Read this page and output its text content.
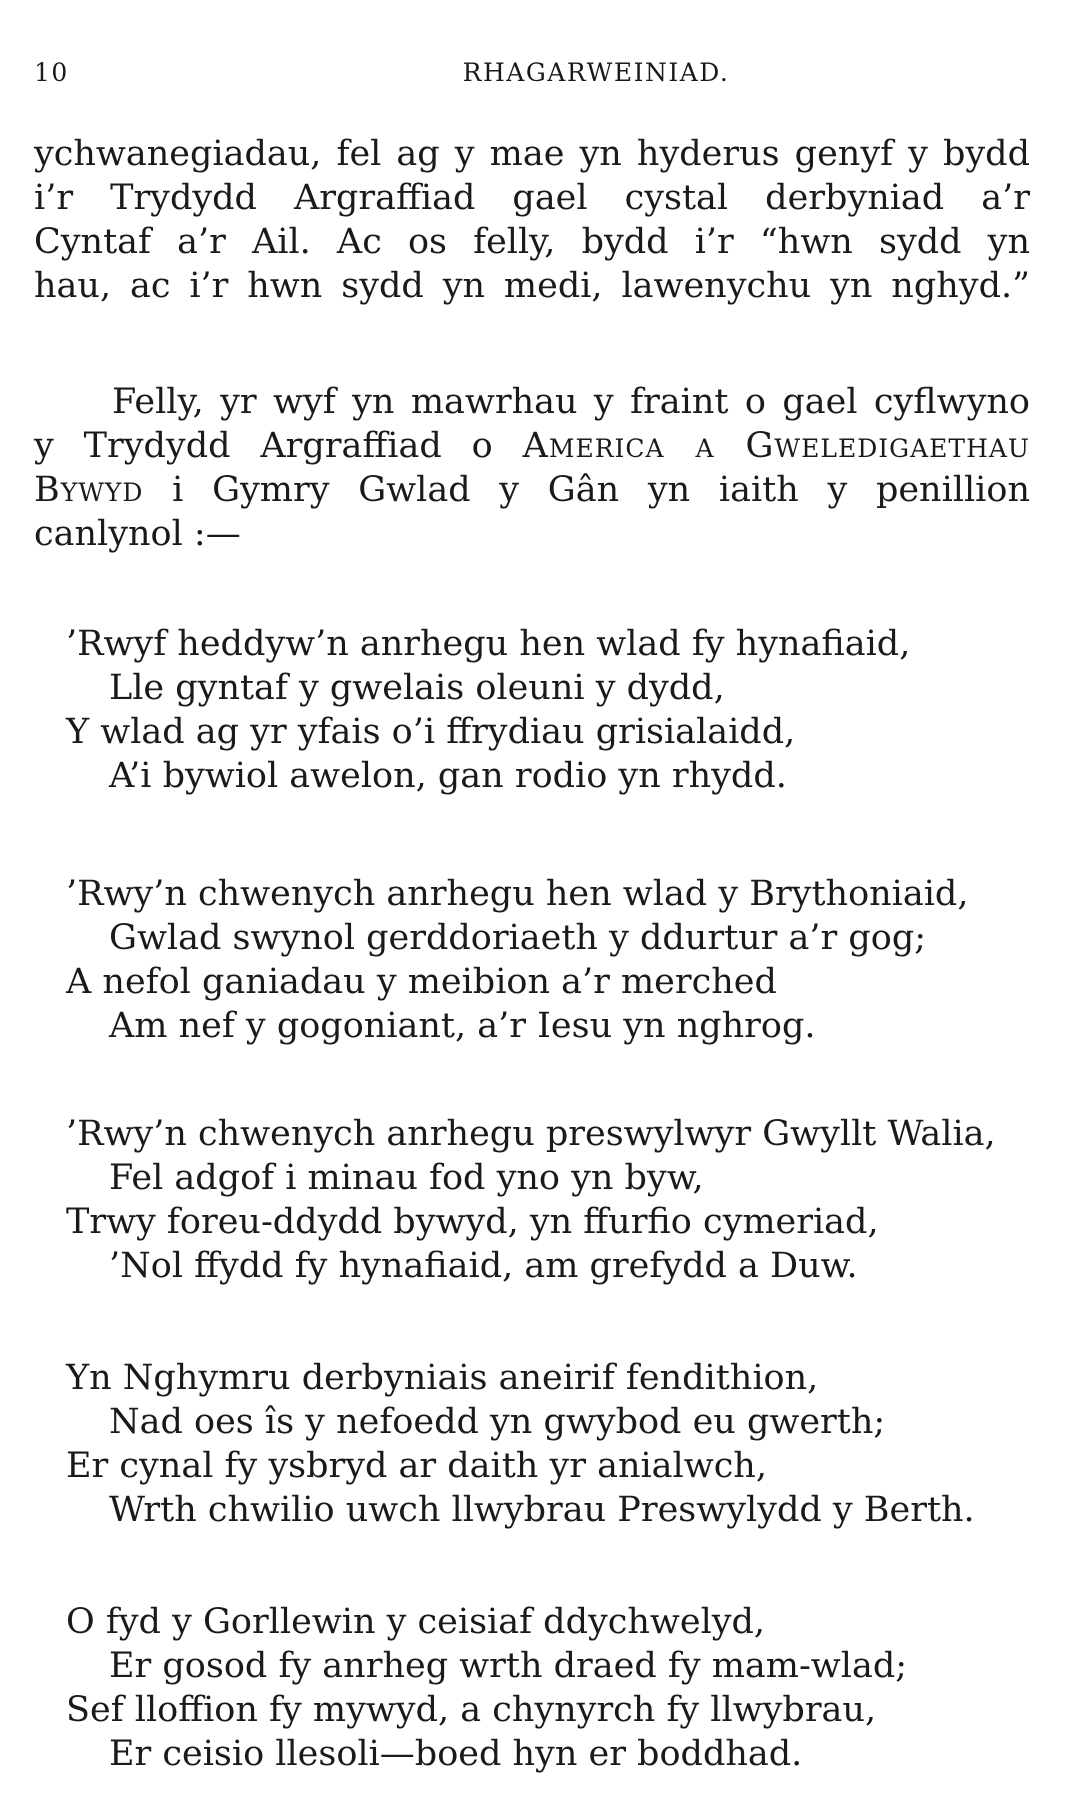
10	RHAGARWEINIAD.
ychwanegiadau, fel ag y mae yn hyderus genyf y bydd
i’r Trydydd Argraffiad gael cystal derbyniad a’r
Cyntaf a’r Ail. Ac os felly, bydd i’r “hwn sydd yn
hau, ac i’r hwn sydd yn medi, lawenychu yn nghyd.”
Felly, yr wyf yn mawrhau y fraint o gael cyflwyno
y Trydydd Argraffiad o America a Gweledigaethau
Bywyd i Gymry Gwlad y Gân yn iaith y penillion
canlynol :—
’Rwyf heddyw’n anrhegu hen wlad fy hynafiaid,
Lle gyntaf y gwelais oleuni y dydd,
Y wlad ag yr yfais o’i ffrydiau grisialaidd,
A’i bywiol awelon, gan rodio yn rhydd.
’Rwy’n chwenych anrhegu hen wlad y Brythoniaid,
Gwlad swynol gerddoriaeth y ddurtur a’r gog;
A nefol ganiadau y meibion a’r merched
Am nef y gogoniant, a’r Iesu yn nghrog.
’Rwy’n chwenych anrhegu preswylwyr Gwyllt Walia,
Fel adgof i minau fod yno yn byw,
Trwy foreu-ddydd bywyd, yn ffurfio cymeriad,
’Nol ffydd fy hynafiaid, am grefydd a Duw.
Yn Nghymru derbyniais aneirif fendithion,
Nad oes îs y nefoedd yn gwybod eu gwerth;
Er cynal fy ysbryd ar daith yr anialwch,
Wrth chwilio uwch llwybrau Preswylydd y Berth.
O fyd y Gorllewin y ceisiaf ddychwelyd,
Er gosod fy anrheg wrth draed fy mam-wlad;
Sef lloffion fy mywyd, a chynyrch fy llwybrau,
Er ceisio llesoli—boed hyn er boddhad.
